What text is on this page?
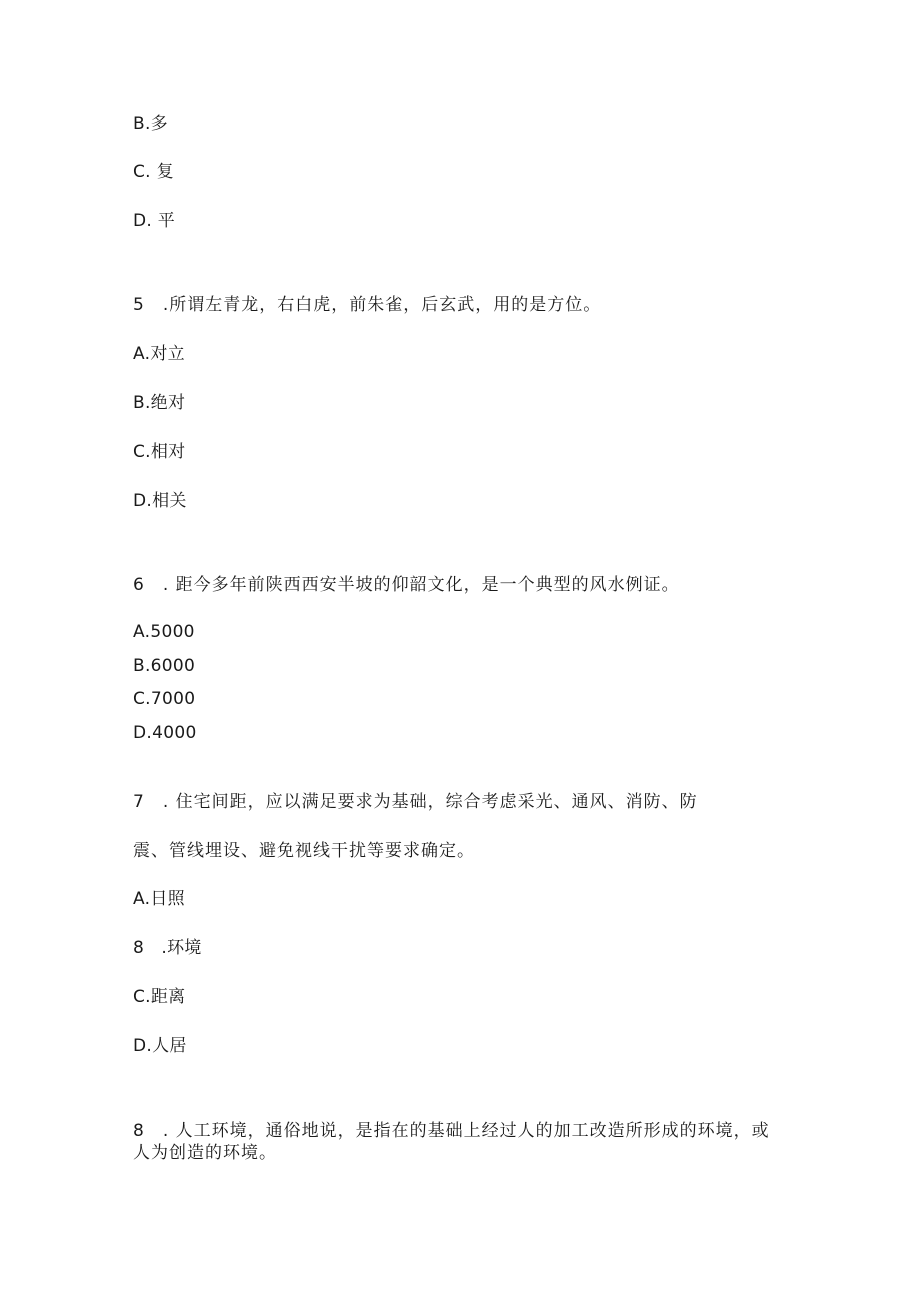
B.多
C. 复
D. 平
5　.所谓左青龙，右白虎，前朱雀，后玄武，用的是方位。
A.对立
B.绝对
C.相对
D.相关
6　. 距今多年前陕西西安半坡的仰韶文化，是一个典型的风水例证。
A.5000
B.6000
C.7000
D.4000
7　. 住宅间距，应以满足要求为基础，综合考虑采光、通风、消防、防
震、管线埋设、避免视线干扰等要求确定。
A.日照
8　.环境
C.距离
D.人居
8　. 人工环境，通俗地说，是指在的基础上经过人的加工改造所形成的环境，或
人为创造的环境。
